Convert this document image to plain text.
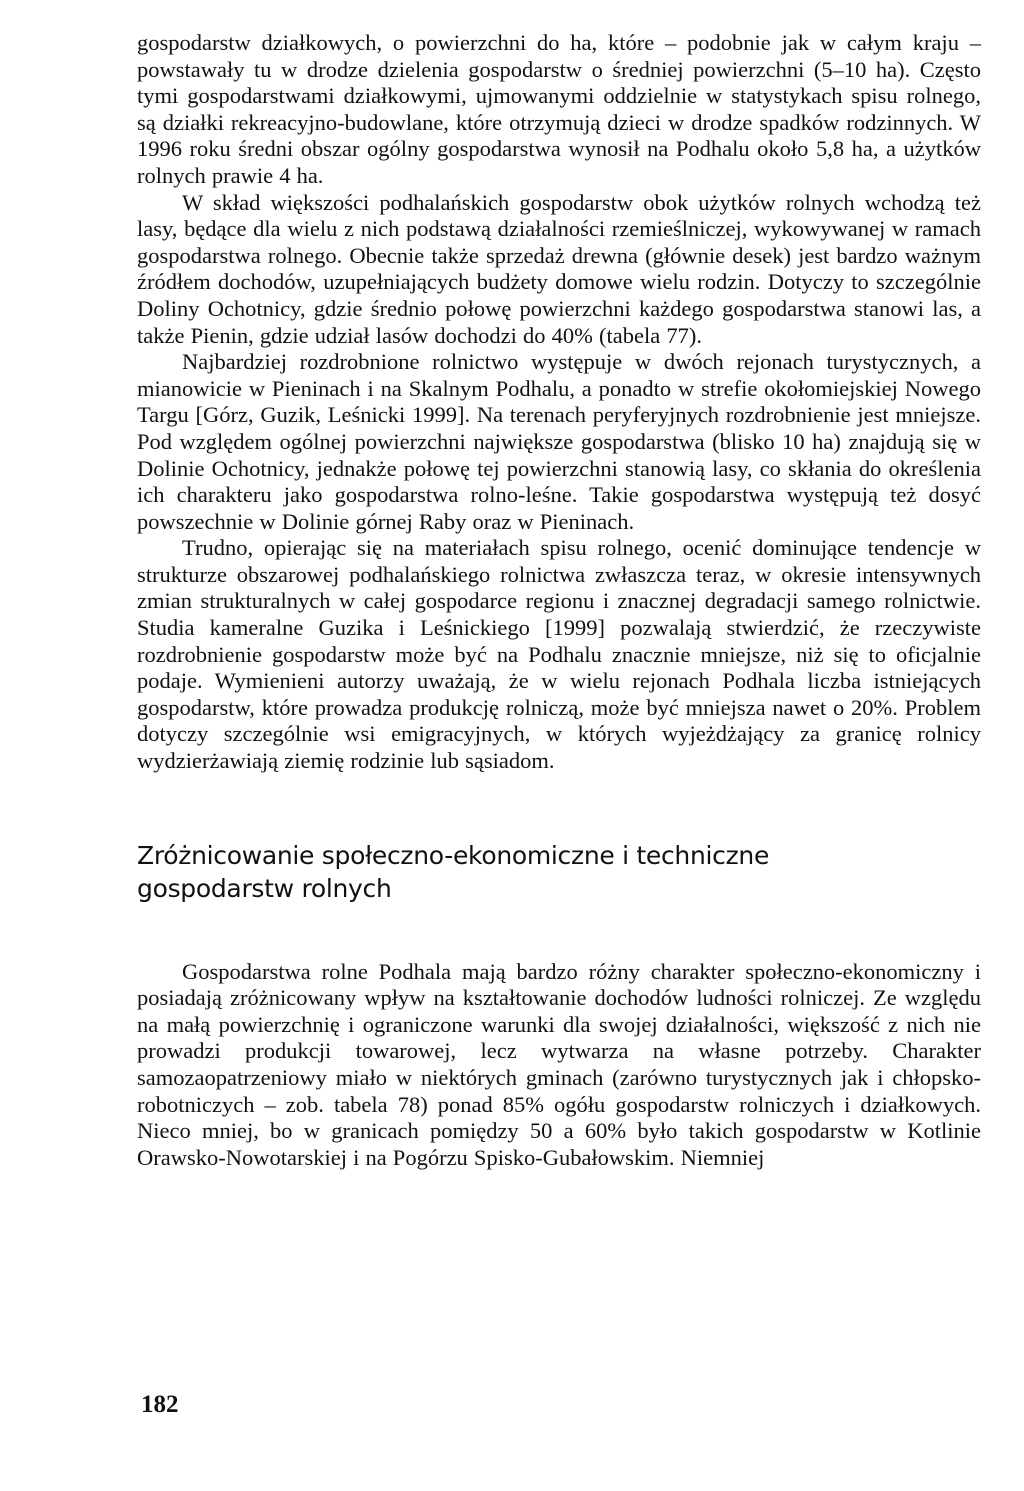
gospodarstw działkowych, o powierzchni do ha, które – podobnie jak w całym kraju – powstawały tu w drodze dzielenia gospodarstw o średniej powierzchni (5–10 ha). Często tymi gospodarstwami działkowymi, ujmowanymi oddzielnie w statystykach spisu rolnego, są działki rekreacyjno-budowlane, które otrzymują dzieci w drodze spadków rodzinnych. W 1996 roku średni obszar ogólny gospodarstwa wynosił na Podhalu około 5,8 ha, a użytków rolnych prawie 4 ha.

W skład większości podhalańskich gospodarstw obok użytków rolnych wchodzą też lasy, będące dla wielu z nich podstawą działalności rzemieślniczej, wykowywanej w ramach gospodarstwa rolnego. Obecnie także sprzedaż drewna (głównie desek) jest bardzo ważnym źródłem dochodów, uzupełniających budżety domowe wielu rodzin. Dotyczy to szczególnie Doliny Ochotnicy, gdzie średnio połowę powierzchni każdego gospodarstwa stanowi las, a także Pienin, gdzie udział lasów dochodzi do 40% (tabela 77).

Najbardziej rozdrobnione rolnictwo występuje w dwóch rejonach turystycznych, a mianowicie w Pieninach i na Skalnym Podhalu, a ponadto w strefie okołomiejskiej Nowego Targu [Górz, Guzik, Leśnicki 1999]. Na terenach peryferyjnych rozdrobnienie jest mniejsze. Pod względem ogólnej powierzchni największe gospodarstwa (blisko 10 ha) znajdują się w Dolinie Ochotnicy, jednakże połowę tej powierzchni stanowią lasy, co skłania do określenia ich charakteru jako gospodarstwa rolno-leśne. Takie gospodarstwa występują też dosyć powszechnie w Dolinie górnej Raby oraz w Pieninach.

Trudno, opierając się na materiałach spisu rolnego, ocenić dominujące tendencje w strukturze obszarowej podhalańskiego rolnictwa zwłaszcza teraz, w okresie intensywnych zmian strukturalnych w całej gospodarce regionu i znacznej degradacji samego rolnictwie. Studia kameralne Guzika i Leśnickiego [1999] pozwalają stwierdzić, że rzeczywiste rozdrobnienie gospodarstw może być na Podhalu znacznie mniejsze, niż się to oficjalnie podaje. Wymienieni autorzy uważają, że w wielu rejonach Podhala liczba istniejących gospodarstw, które prowadza produkcję rolniczą, może być mniejsza nawet o 20%. Problem dotyczy szczególnie wsi emigracyjnych, w których wyjeżdżający za granicę rolnicy wydzierżawiają ziemię rodzinie lub sąsiadom.

Zróżnicowanie społeczno-ekonomiczne i techniczne
gospodarstw rolnych

Gospodarstwa rolne Podhala mają bardzo różny charakter społeczno-ekonomiczny i posiadają zróżnicowany wpływ na kształtowanie dochodów ludności rolniczej. Ze względu na małą powierzchnię i ograniczone warunki dla swojej działalności, większość z nich nie prowadzi produkcji towarowej, lecz wytwarza na własne potrzeby. Charakter samozaopatrzeniowy miało w niektórych gminach (zarówno turystycznych jak i chłopsko-robotniczych – zob. tabela 78) ponad 85% ogółu gospodarstw rolniczych i działkowych. Nieco mniej, bo w granicach pomiędzy 50 a 60% było takich gospodarstw w Kotlinie Orawsko-Nowotarskiej i na Pogórzu Spisko-Gubałowskim. Niemniej

182
